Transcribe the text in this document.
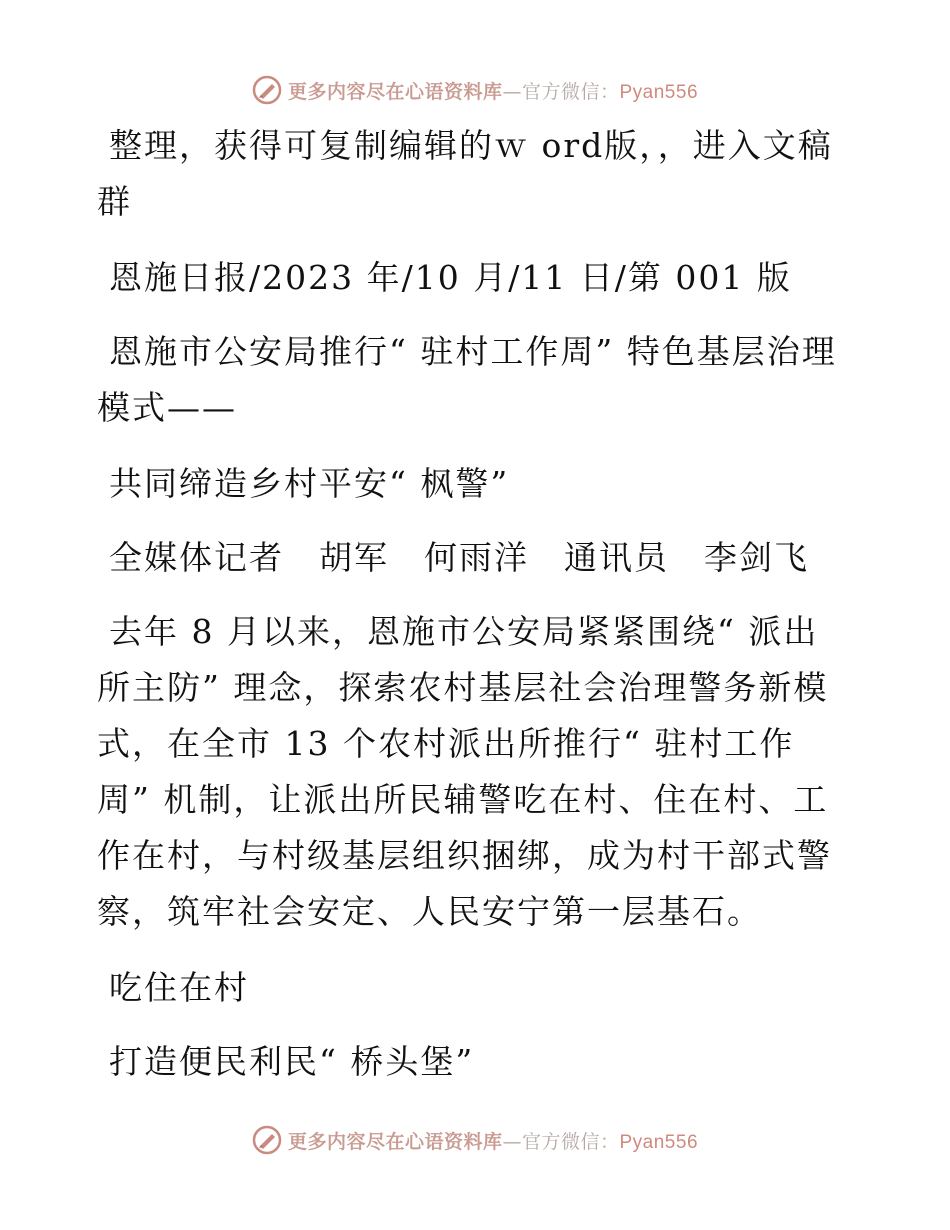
更多内容尽在心语资料库—官方微信：Pyan556

整理，获得可复制编辑的ｗ ord版，，进入文稿群

恩施日报/2023 年/10 月/11 日/第 001 版

恩施市公安局推行“ 驻村工作周” 特色基层治理模式——

共同缔造乡村平安“ 枫警”

全媒体记者　胡军　何雨洋　通讯员　李剑飞

去年 8 月以来，恩施市公安局紧紧围绕“ 派出所主防” 理念，探索农村基层社会治理警务新模式，在全市 13 个农村派出所推行“ 驻村工作周” 机制，让派出所民辅警吃在村、住在村、工作在村，与村级基层组织捆绑，成为村干部式警察，筑牢社会安定、人民安宁第一层基石。

吃住在村

打造便民利民“ 桥头堡”

更多内容尽在心语资料库—官方微信：Pyan556
